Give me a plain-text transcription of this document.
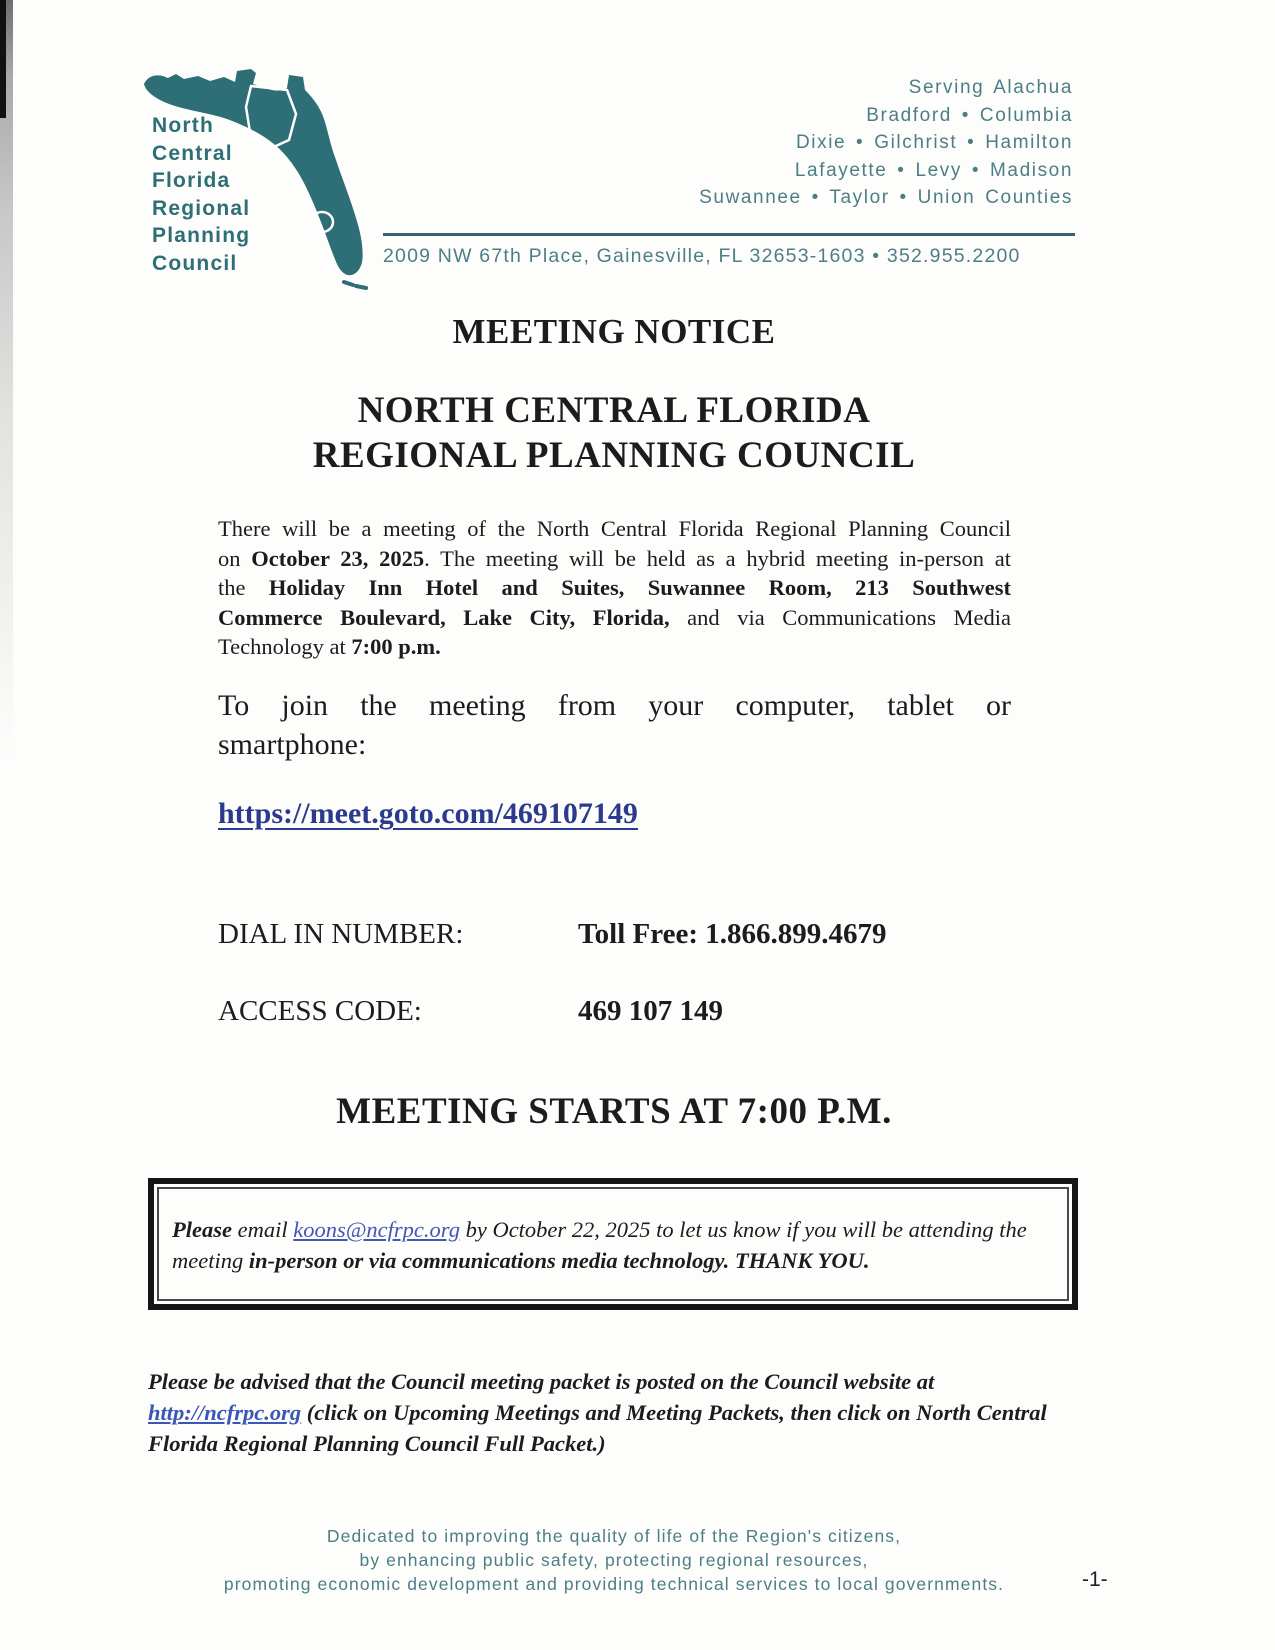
North
Central
Florida
Regional
Planning
Council
Serving Alachua
Bradford • Columbia
Dixie • Gilchrist • Hamilton
Lafayette • Levy • Madison
Suwannee • Taylor • Union Counties
2009 NW 67th Place, Gainesville, FL 32653-1603 • 352.955.2200
MEETING NOTICE
NORTH CENTRAL FLORIDA
REGIONAL PLANNING COUNCIL
There will be a meeting of the North Central Florida Regional Planning Council
on October 23, 2025. The meeting will be held as a hybrid meeting in-person at
the Holiday Inn Hotel and Suites, Suwannee Room, 213 Southwest
Commerce Boulevard, Lake City, Florida, and via Communications Media
Technology at 7:00 p.m.
To join the meeting from your computer, tablet or
smartphone:
https://meet.goto.com/469107149
DIAL IN NUMBER:	Toll Free: 1.866.899.4679
ACCESS CODE:	469 107 149
MEETING STARTS AT 7:00 P.M.
Please email koons@ncfrpc.org by October 22, 2025 to let us know if you will be attending the meeting in-person or via communications media technology. THANK YOU.
Please be advised that the Council meeting packet is posted on the Council website at http://ncfrpc.org (click on Upcoming Meetings and Meeting Packets, then click on North Central Florida Regional Planning Council Full Packet.)
Dedicated to improving the quality of life of the Region's citizens,
by enhancing public safety, protecting regional resources,
promoting economic development and providing technical services to local governments.	-1-
